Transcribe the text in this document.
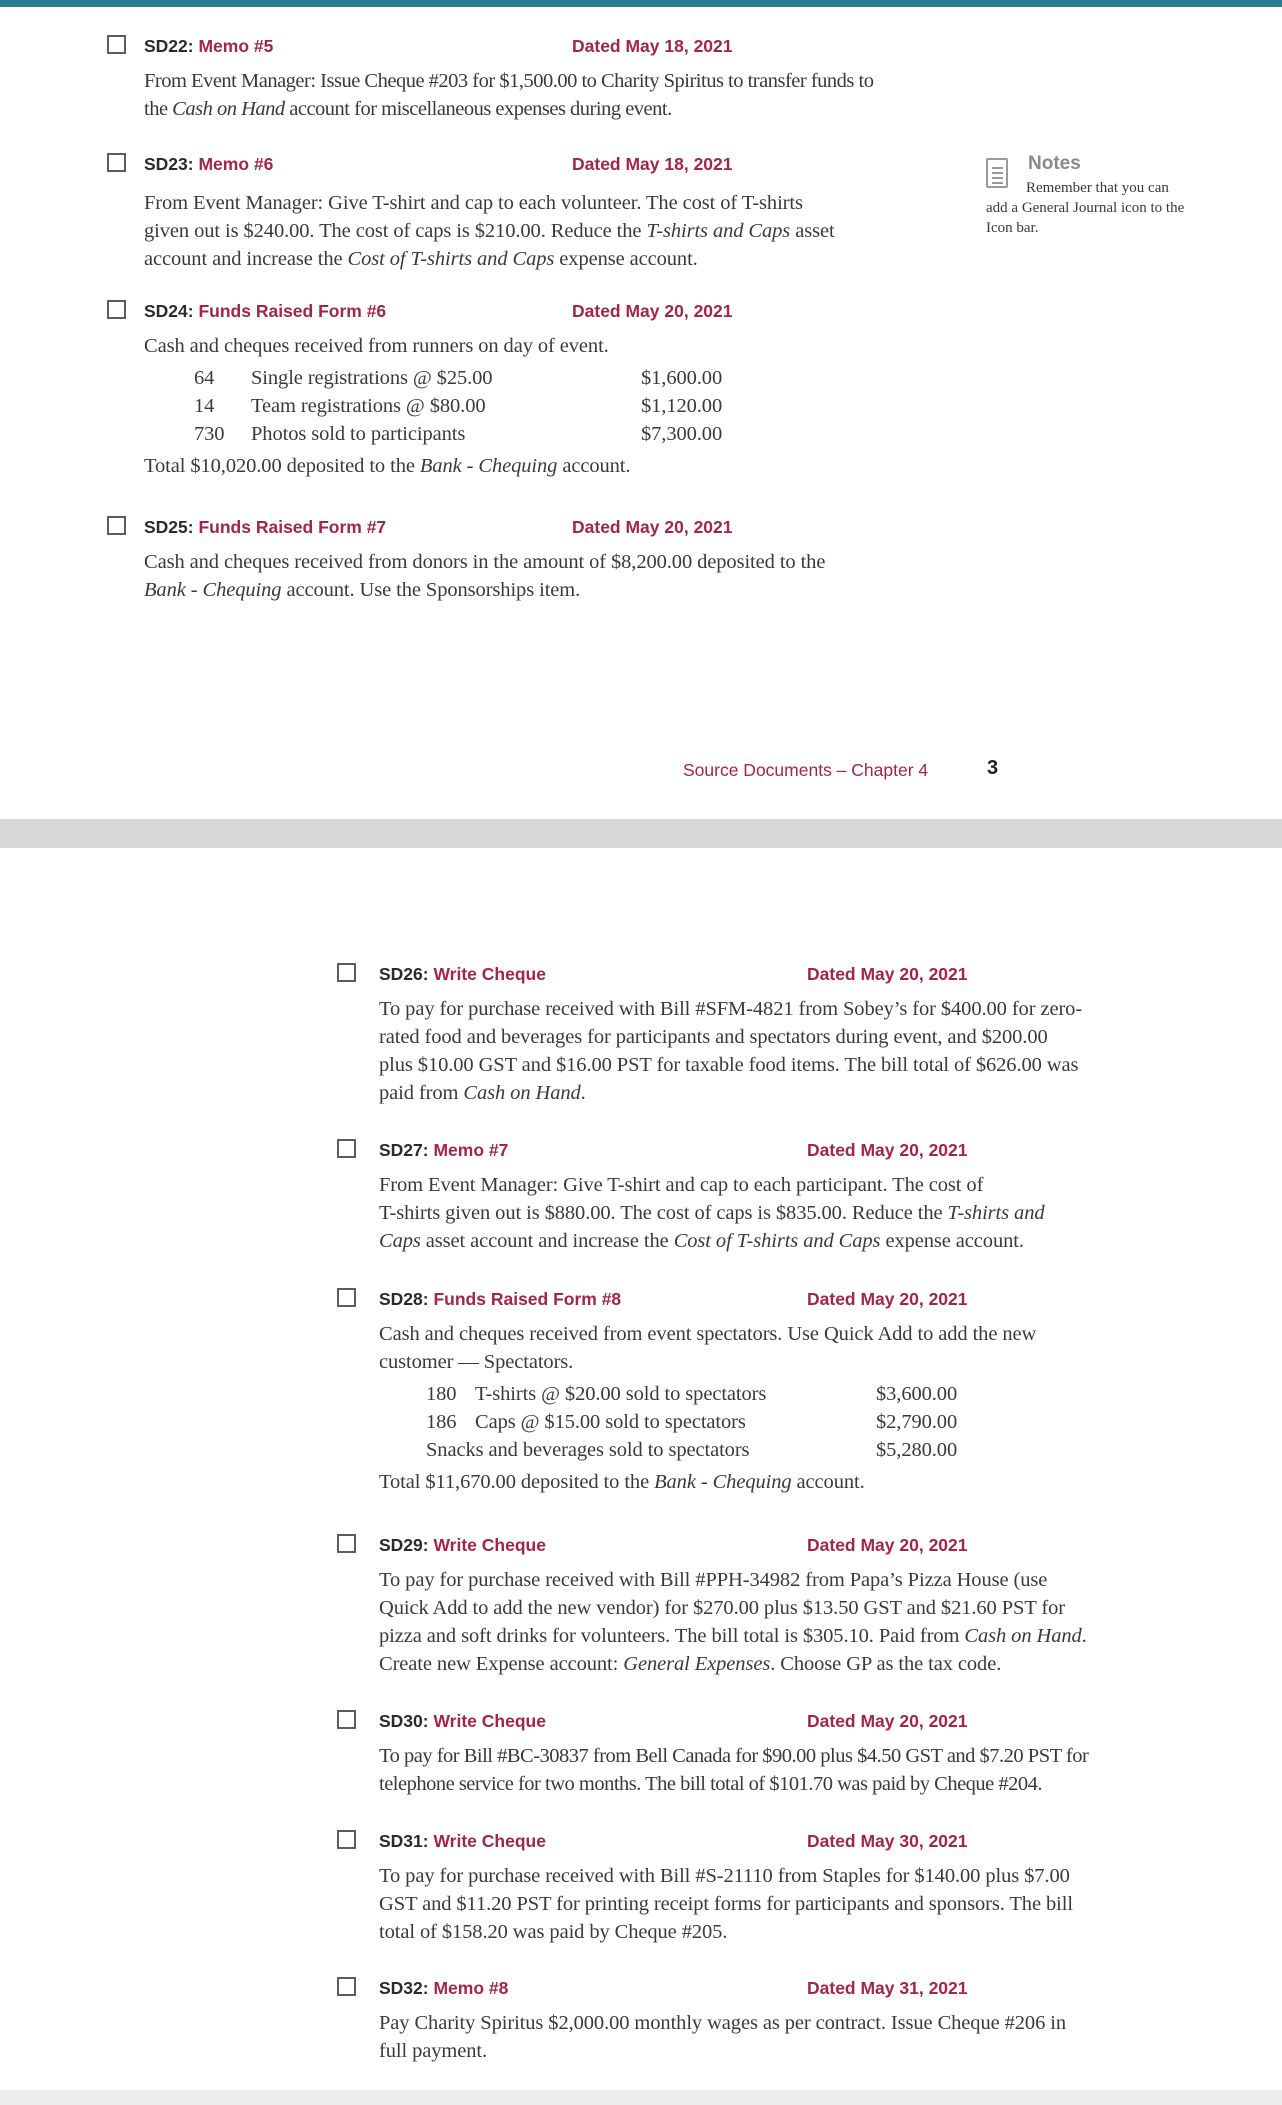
SD22: Memo #5	Dated May 18, 2021
From Event Manager: Issue Cheque #203 for $1,500.00 to Charity Spiritus to transfer funds to
the Cash on Hand account for miscellaneous expenses during event.
SD23: Memo #6	Dated May 18, 2021
From Event Manager: Give T-shirt and cap to each volunteer. The cost of T-shirts
given out is $240.00. The cost of caps is $210.00. Reduce the T-shirts and Caps asset
account and increase the Cost of T-shirts and Caps expense account.
Notes
Remember that you can
add a General Journal icon to the
Icon bar.
SD24: Funds Raised Form #6	Dated May 20, 2021
Cash and cheques received from runners on day of event.
64 Single registrations @ $25.00	$1,600.00
14 Team registrations @ $80.00	$1,120.00
730 Photos sold to participants	$7,300.00
Total $10,020.00 deposited to the Bank - Chequing account.
SD25: Funds Raised Form #7	Dated May 20, 2021
Cash and cheques received from donors in the amount of $8,200.00 deposited to the
Bank - Chequing account. Use the Sponsorships item.
Source Documents – Chapter 4	3
SD26: Write Cheque	Dated May 20, 2021
To pay for purchase received with Bill #SFM-4821 from Sobey’s for $400.00 for zero-
rated food and beverages for participants and spectators during event, and $200.00
plus $10.00 GST and $16.00 PST for taxable food items. The bill total of $626.00 was
paid from Cash on Hand.
SD27: Memo #7	Dated May 20, 2021
From Event Manager: Give T-shirt and cap to each participant. The cost of
T-shirts given out is $880.00. The cost of caps is $835.00. Reduce the T-shirts and
Caps asset account and increase the Cost of T-shirts and Caps expense account.
SD28: Funds Raised Form #8	Dated May 20, 2021
Cash and cheques received from event spectators. Use Quick Add to add the new
customer — Spectators.
180 T-shirts @ $20.00 sold to spectators	$3,600.00
186 Caps @ $15.00 sold to spectators	$2,790.00
Snacks and beverages sold to spectators	$5,280.00
Total $11,670.00 deposited to the Bank - Chequing account.
SD29: Write Cheque	Dated May 20, 2021
To pay for purchase received with Bill #PPH-34982 from Papa’s Pizza House (use
Quick Add to add the new vendor) for $270.00 plus $13.50 GST and $21.60 PST for
pizza and soft drinks for volunteers. The bill total is $305.10. Paid from Cash on Hand.
Create new Expense account: General Expenses. Choose GP as the tax code.
SD30: Write Cheque	Dated May 20, 2021
To pay for Bill #BC-30837 from Bell Canada for $90.00 plus $4.50 GST and $7.20 PST for
telephone service for two months. The bill total of $101.70 was paid by Cheque #204.
SD31: Write Cheque	Dated May 30, 2021
To pay for purchase received with Bill #S-21110 from Staples for $140.00 plus $7.00
GST and $11.20 PST for printing receipt forms for participants and sponsors. The bill
total of $158.20 was paid by Cheque #205.
SD32: Memo #8	Dated May 31, 2021
Pay Charity Spiritus $2,000.00 monthly wages as per contract. Issue Cheque #206 in
full payment.
